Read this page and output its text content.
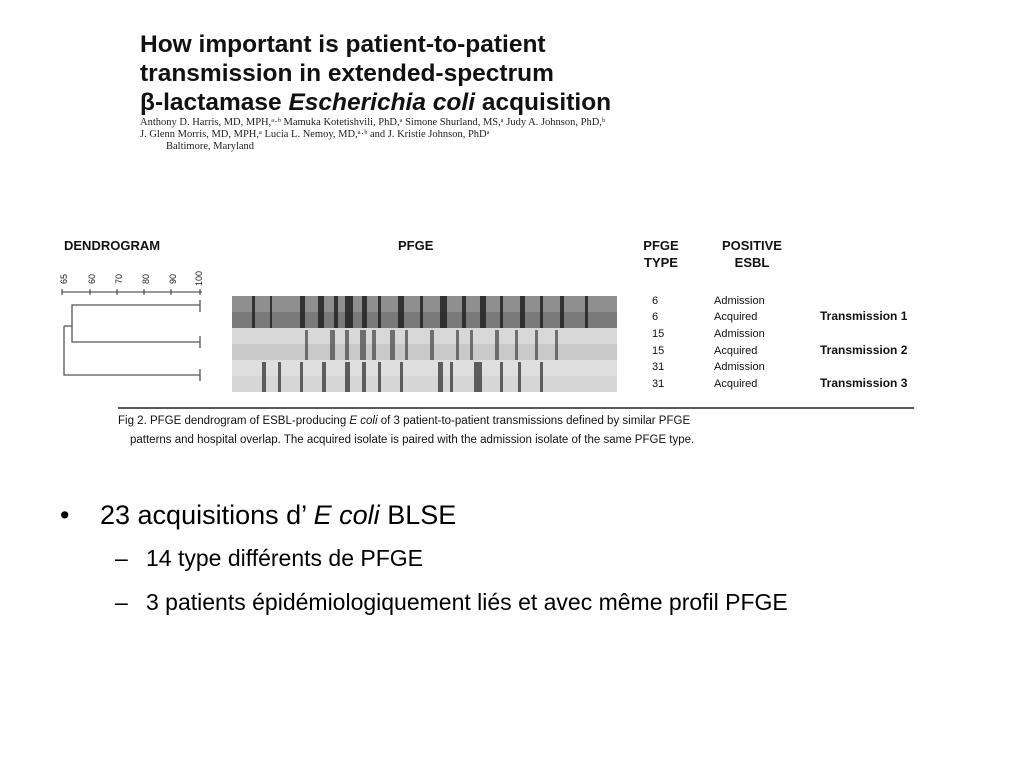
How important is patient-to-patient
transmission in extended-spectrum
β-lactamase Escherichia coli acquisition
Anthony D. Harris, MD, MPH,ᵃ·ᵇ Mamuka Kotetishvili, PhD,ᵃ Simone Shurland, MS,ᵃ Judy A. Johnson, PhD,ᵇ
J. Glenn Morris, MD, MPH,ᵃ Lucia L. Nemoy, MD,ᵃ·ᵇ and J. Kristie Johnson, PhDᵃ
Baltimore, Maryland
DENDROGRAM	PFGE	PFGE
TYPE
POSITIVE
ESBL
65 60 70 80 90 100
6	Admission
6	Acquired	Transmission 1
15	Admission
15	Acquired	Transmission 2
31	Admission
31	Acquired	Transmission 3
Fig 2. PFGE dendrogram of ESBL-producing E coli of 3 patient-to-patient transmissions defined by similar PFGE
patterns and hospital overlap. The acquired isolate is paired with the admission isolate of the same PFGE type.
• 23 acquisitions d’ E coli BLSE
– 14 type différents de PFGE
– 3 patients épidémiologiquement liés et avec même profil PFGE
